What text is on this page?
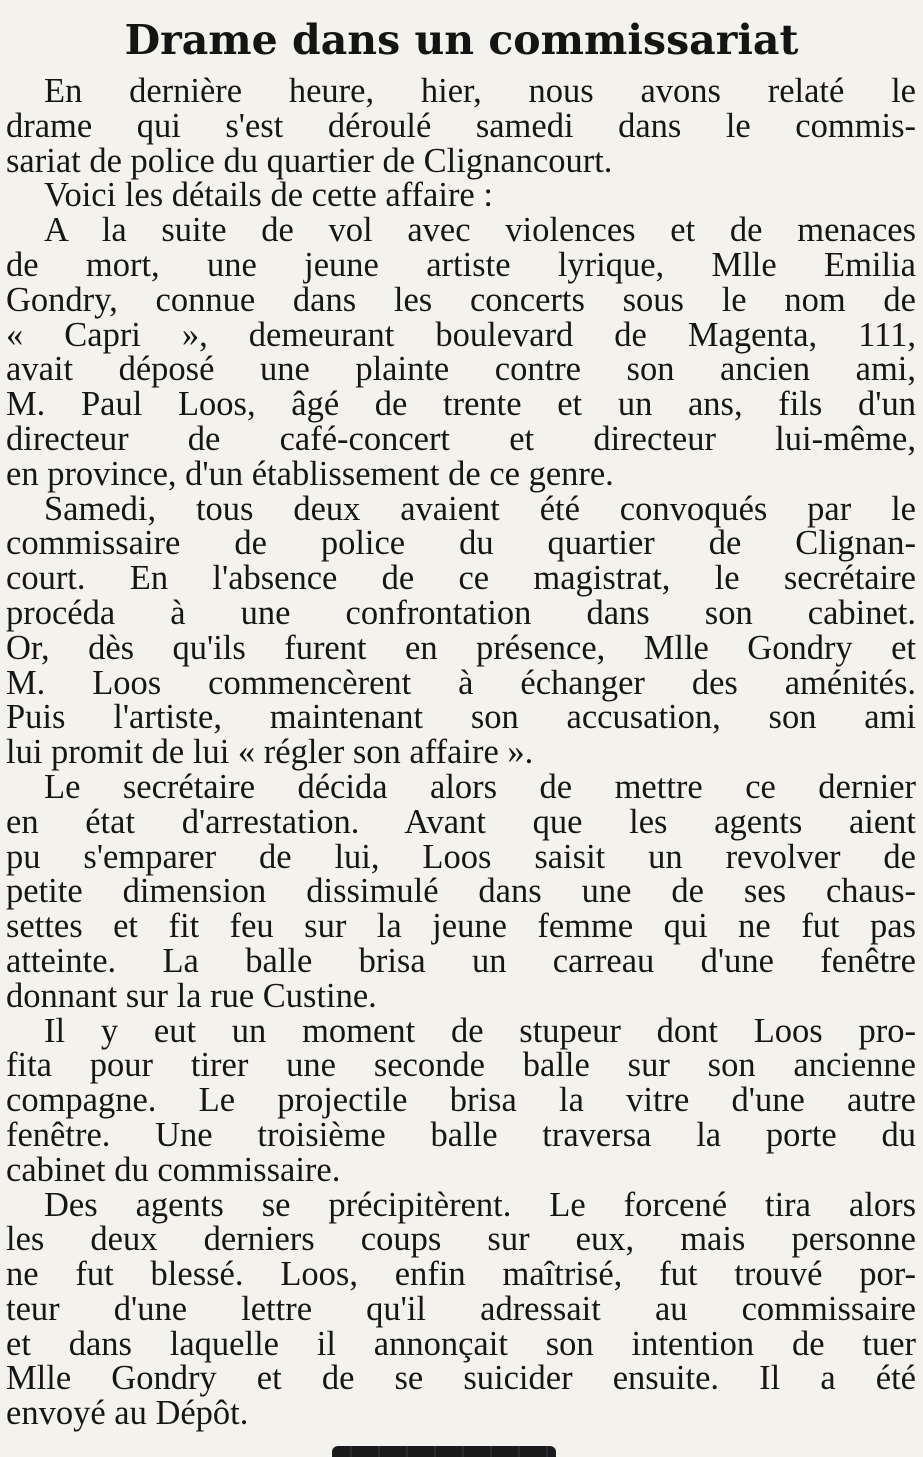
Drame dans un commissariat
En dernière heure, hier, nous avons relaté le
drame qui s'est déroulé samedi dans le commis-
sariat de police du quartier de Clignancourt.
Voici les détails de cette affaire :
A la suite de vol avec violences et de menaces
de mort, une jeune artiste lyrique, Mlle Emilia
Gondry, connue dans les concerts sous le nom de
« Capri », demeurant boulevard de Magenta, 111,
avait déposé une plainte contre son ancien ami,
M. Paul Loos, âgé de trente et un ans, fils d'un
directeur de café-concert et directeur lui-même,
en province, d'un établissement de ce genre.
Samedi, tous deux avaient été convoqués par le
commissaire de police du quartier de Clignan-
court. En l'absence de ce magistrat, le secrétaire
procéda à une confrontation dans son cabinet.
Or, dès qu'ils furent en présence, Mlle Gondry et
M. Loos commencèrent à échanger des aménités.
Puis l'artiste, maintenant son accusation, son ami
lui promit de lui « régler son affaire ».
Le secrétaire décida alors de mettre ce dernier
en état d'arrestation. Avant que les agents aient
pu s'emparer de lui, Loos saisit un revolver de
petite dimension dissimulé dans une de ses chaus-
settes et fit feu sur la jeune femme qui ne fut pas
atteinte. La balle brisa un carreau d'une fenêtre
donnant sur la rue Custine.
Il y eut un moment de stupeur dont Loos pro-
fita pour tirer une seconde balle sur son ancienne
compagne. Le projectile brisa la vitre d'une autre
fenêtre. Une troisième balle traversa la porte du
cabinet du commissaire.
Des agents se précipitèrent. Le forcené tira alors
les deux derniers coups sur eux, mais personne
ne fut blessé. Loos, enfin maîtrisé, fut trouvé por-
teur d'une lettre qu'il adressait au commissaire
et dans laquelle il annonçait son intention de tuer
Mlle Gondry et de se suicider ensuite. Il a été
envoyé au Dépôt.
